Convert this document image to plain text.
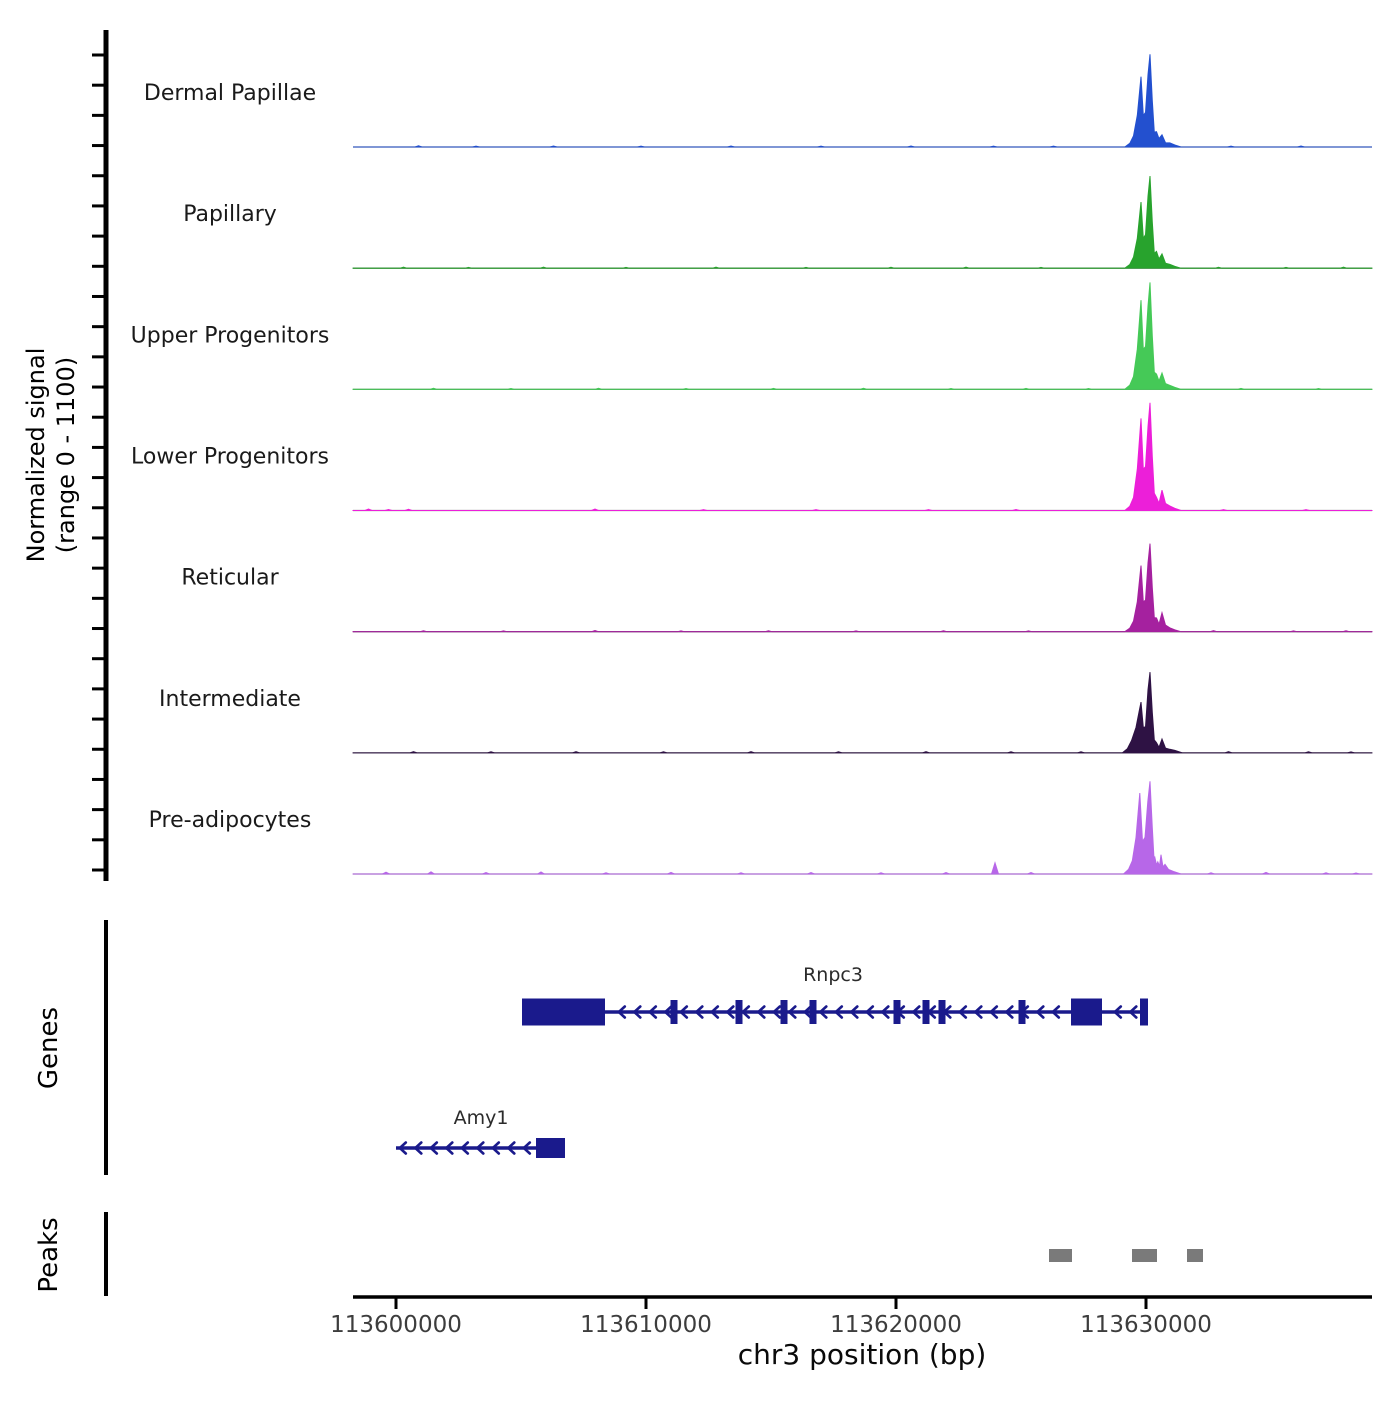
Normalized signal (range 0 - 1100)
Dermal Papillae
Papillary
Upper Progenitors
Lower Progenitors
Reticular
Intermediate
Pre-adipocytes
Genes
Rnpc3
Amy1
Peaks
113600000	113610000	113620000	113630000
chr3 position (bp)
